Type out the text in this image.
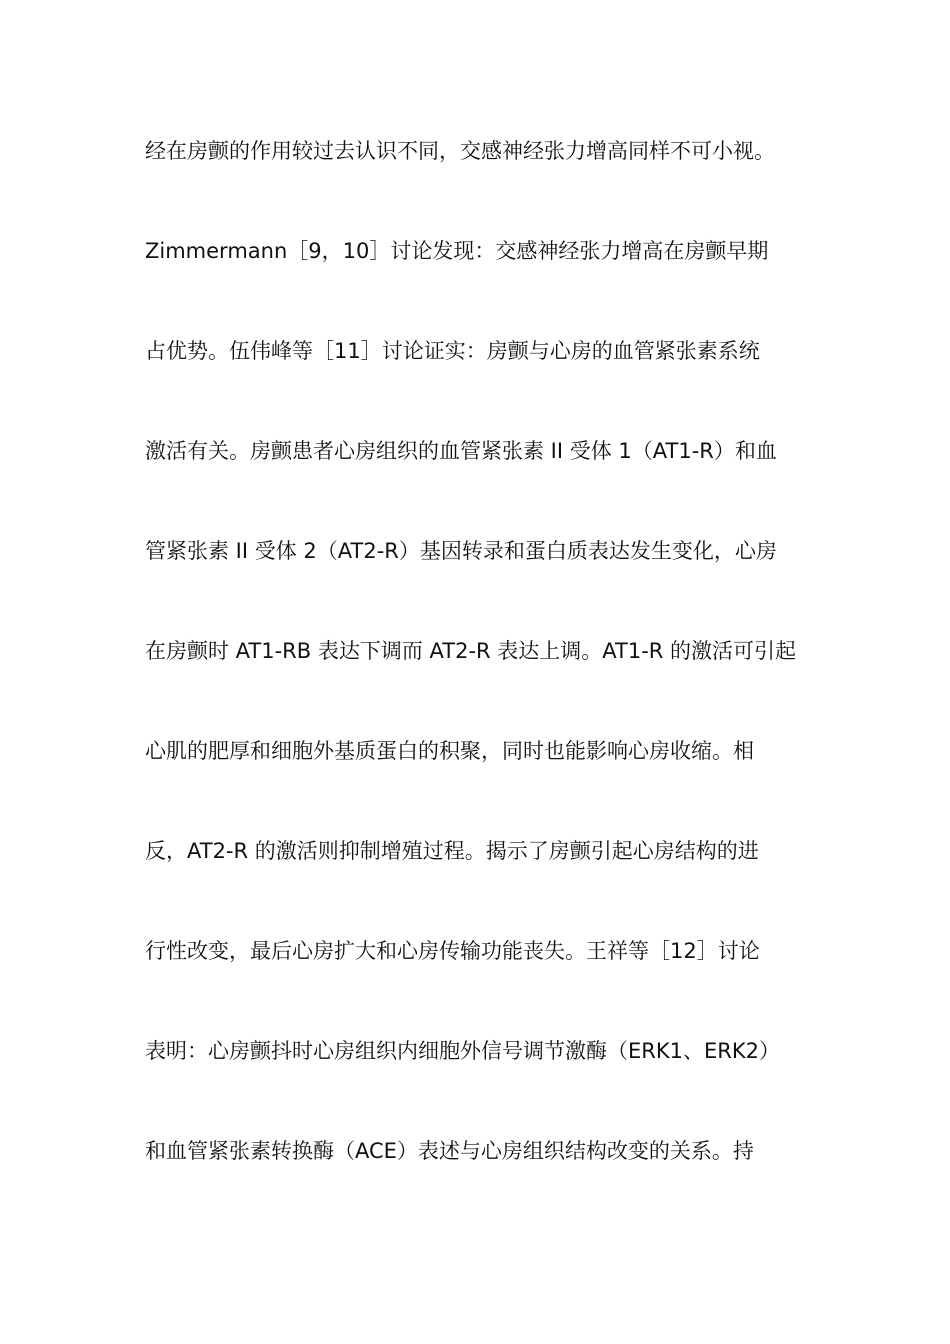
经在房颤的作用较过去认识不同，交感神经张力增高同样不可小视。
Zimmermann［9，10］讨论发现：交感神经张力增高在房颤早期
占优势。伍伟峰等［11］讨论证实：房颤与心房的血管紧张素系统
激活有关。房颤患者心房组织的血管紧张素 II 受体 1（AT1-R）和血
管紧张素 II 受体 2（AT2-R）基因转录和蛋白质表达发生变化，心房
在房颤时 AT1-RB 表达下调而 AT2-R 表达上调。AT1-R 的激活可引起
心肌的肥厚和细胞外基质蛋白的积聚，同时也能影响心房收缩。相
反，AT2-R 的激活则抑制增殖过程。揭示了房颤引起心房结构的进
行性改变，最后心房扩大和心房传输功能丧失。王祥等［12］讨论
表明：心房颤抖时心房组织内细胞外信号调节激酶（ERK1、ERK2）
和血管紧张素转换酶（ACE）表述与心房组织结构改变的关系。持
